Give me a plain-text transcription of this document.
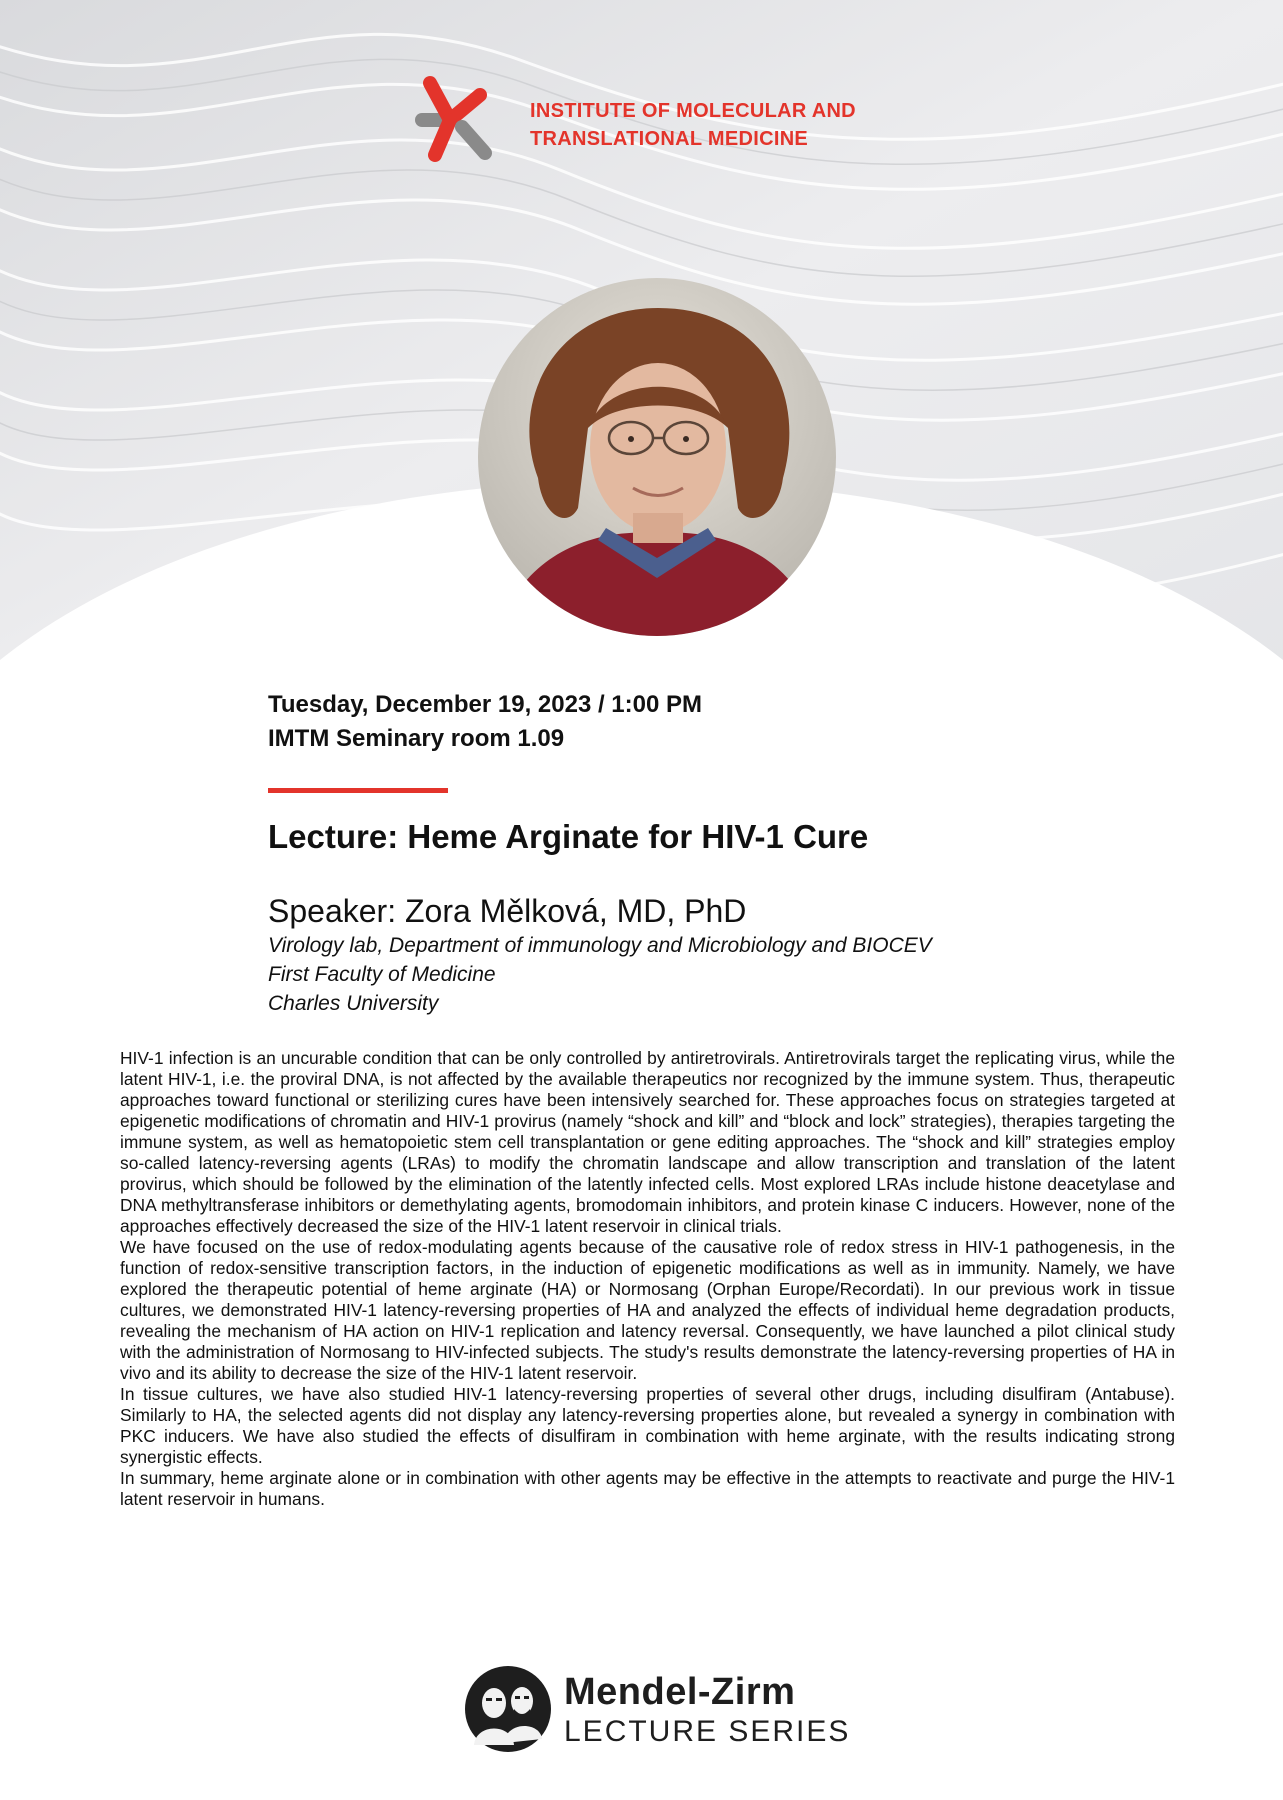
INSTITUTE OF MOLECULAR AND
TRANSLATIONAL MEDICINE
Tuesday, December 19, 2023 / 1:00 PM
IMTM Seminary room 1.09
Lecture: Heme Arginate for HIV-1 Cure
Speaker: Zora Mělková, MD, PhD
Virology lab, Department of immunology and Microbiology and BIOCEV
First Faculty of Medicine
Charles University

HIV-1 infection is an uncurable condition that can be only controlled by antiretrovirals. Antiretrovirals target the replicating virus, while the latent HIV-1, i.e. the proviral DNA, is not affected by the available therapeutics nor recognized by the immune system. Thus, therapeutic approaches toward functional or sterilizing cures have been intensively searched for. These approaches focus on strategies targeted at epigenetic modifications of chromatin and HIV-1 provirus (namely “shock and kill” and “block and lock” strategies), therapies targeting the immune system, as well as hematopoietic stem cell transplantation or gene editing approaches. The “shock and kill” strategies employ so-called latency-reversing agents (LRAs) to modify the chromatin landscape and allow transcription and translation of the latent provirus, which should be followed by the elimination of the latently infected cells. Most explored LRAs include histone deacetylase and DNA methyltransferase inhibitors or demethylating agents, bromodomain inhibitors, and protein kinase C inducers. However, none of the approaches effectively decreased the size of the HIV-1 latent reservoir in clinical trials.

We have focused on the use of redox-modulating agents because of the causative role of redox stress in HIV-1 pathogenesis, in the function of redox-sensitive transcription factors, in the induction of epigenetic modifications as well as in immunity. Namely, we have explored the therapeutic potential of heme arginate (HA) or Normosang (Orphan Europe/Recordati). In our previous work in tissue cultures, we demonstrated HIV-1 latency-reversing properties of HA and analyzed the effects of individual heme degradation products, revealing the mechanism of HA action on HIV-1 replication and latency reversal. Consequently, we have launched a pilot clinical study with the administration of Normosang to HIV-infected subjects. The study's results demonstrate the latency-reversing properties of HA in vivo and its ability to decrease the size of the HIV-1 latent reservoir.

In tissue cultures, we have also studied HIV-1 latency-reversing properties of several other drugs, including disulfiram (Antabuse). Similarly to HA, the selected agents did not display any latency-reversing properties alone, but revealed a synergy in combination with PKC inducers. We have also studied the effects of disulfiram in combination with heme arginate, with the results indicating strong synergistic effects.

In summary, heme arginate alone or in combination with other agents may be effective in the attempts to reactivate and purge the HIV-1 latent reservoir in humans.

Mendel-Zirm
LECTURE SERIES
